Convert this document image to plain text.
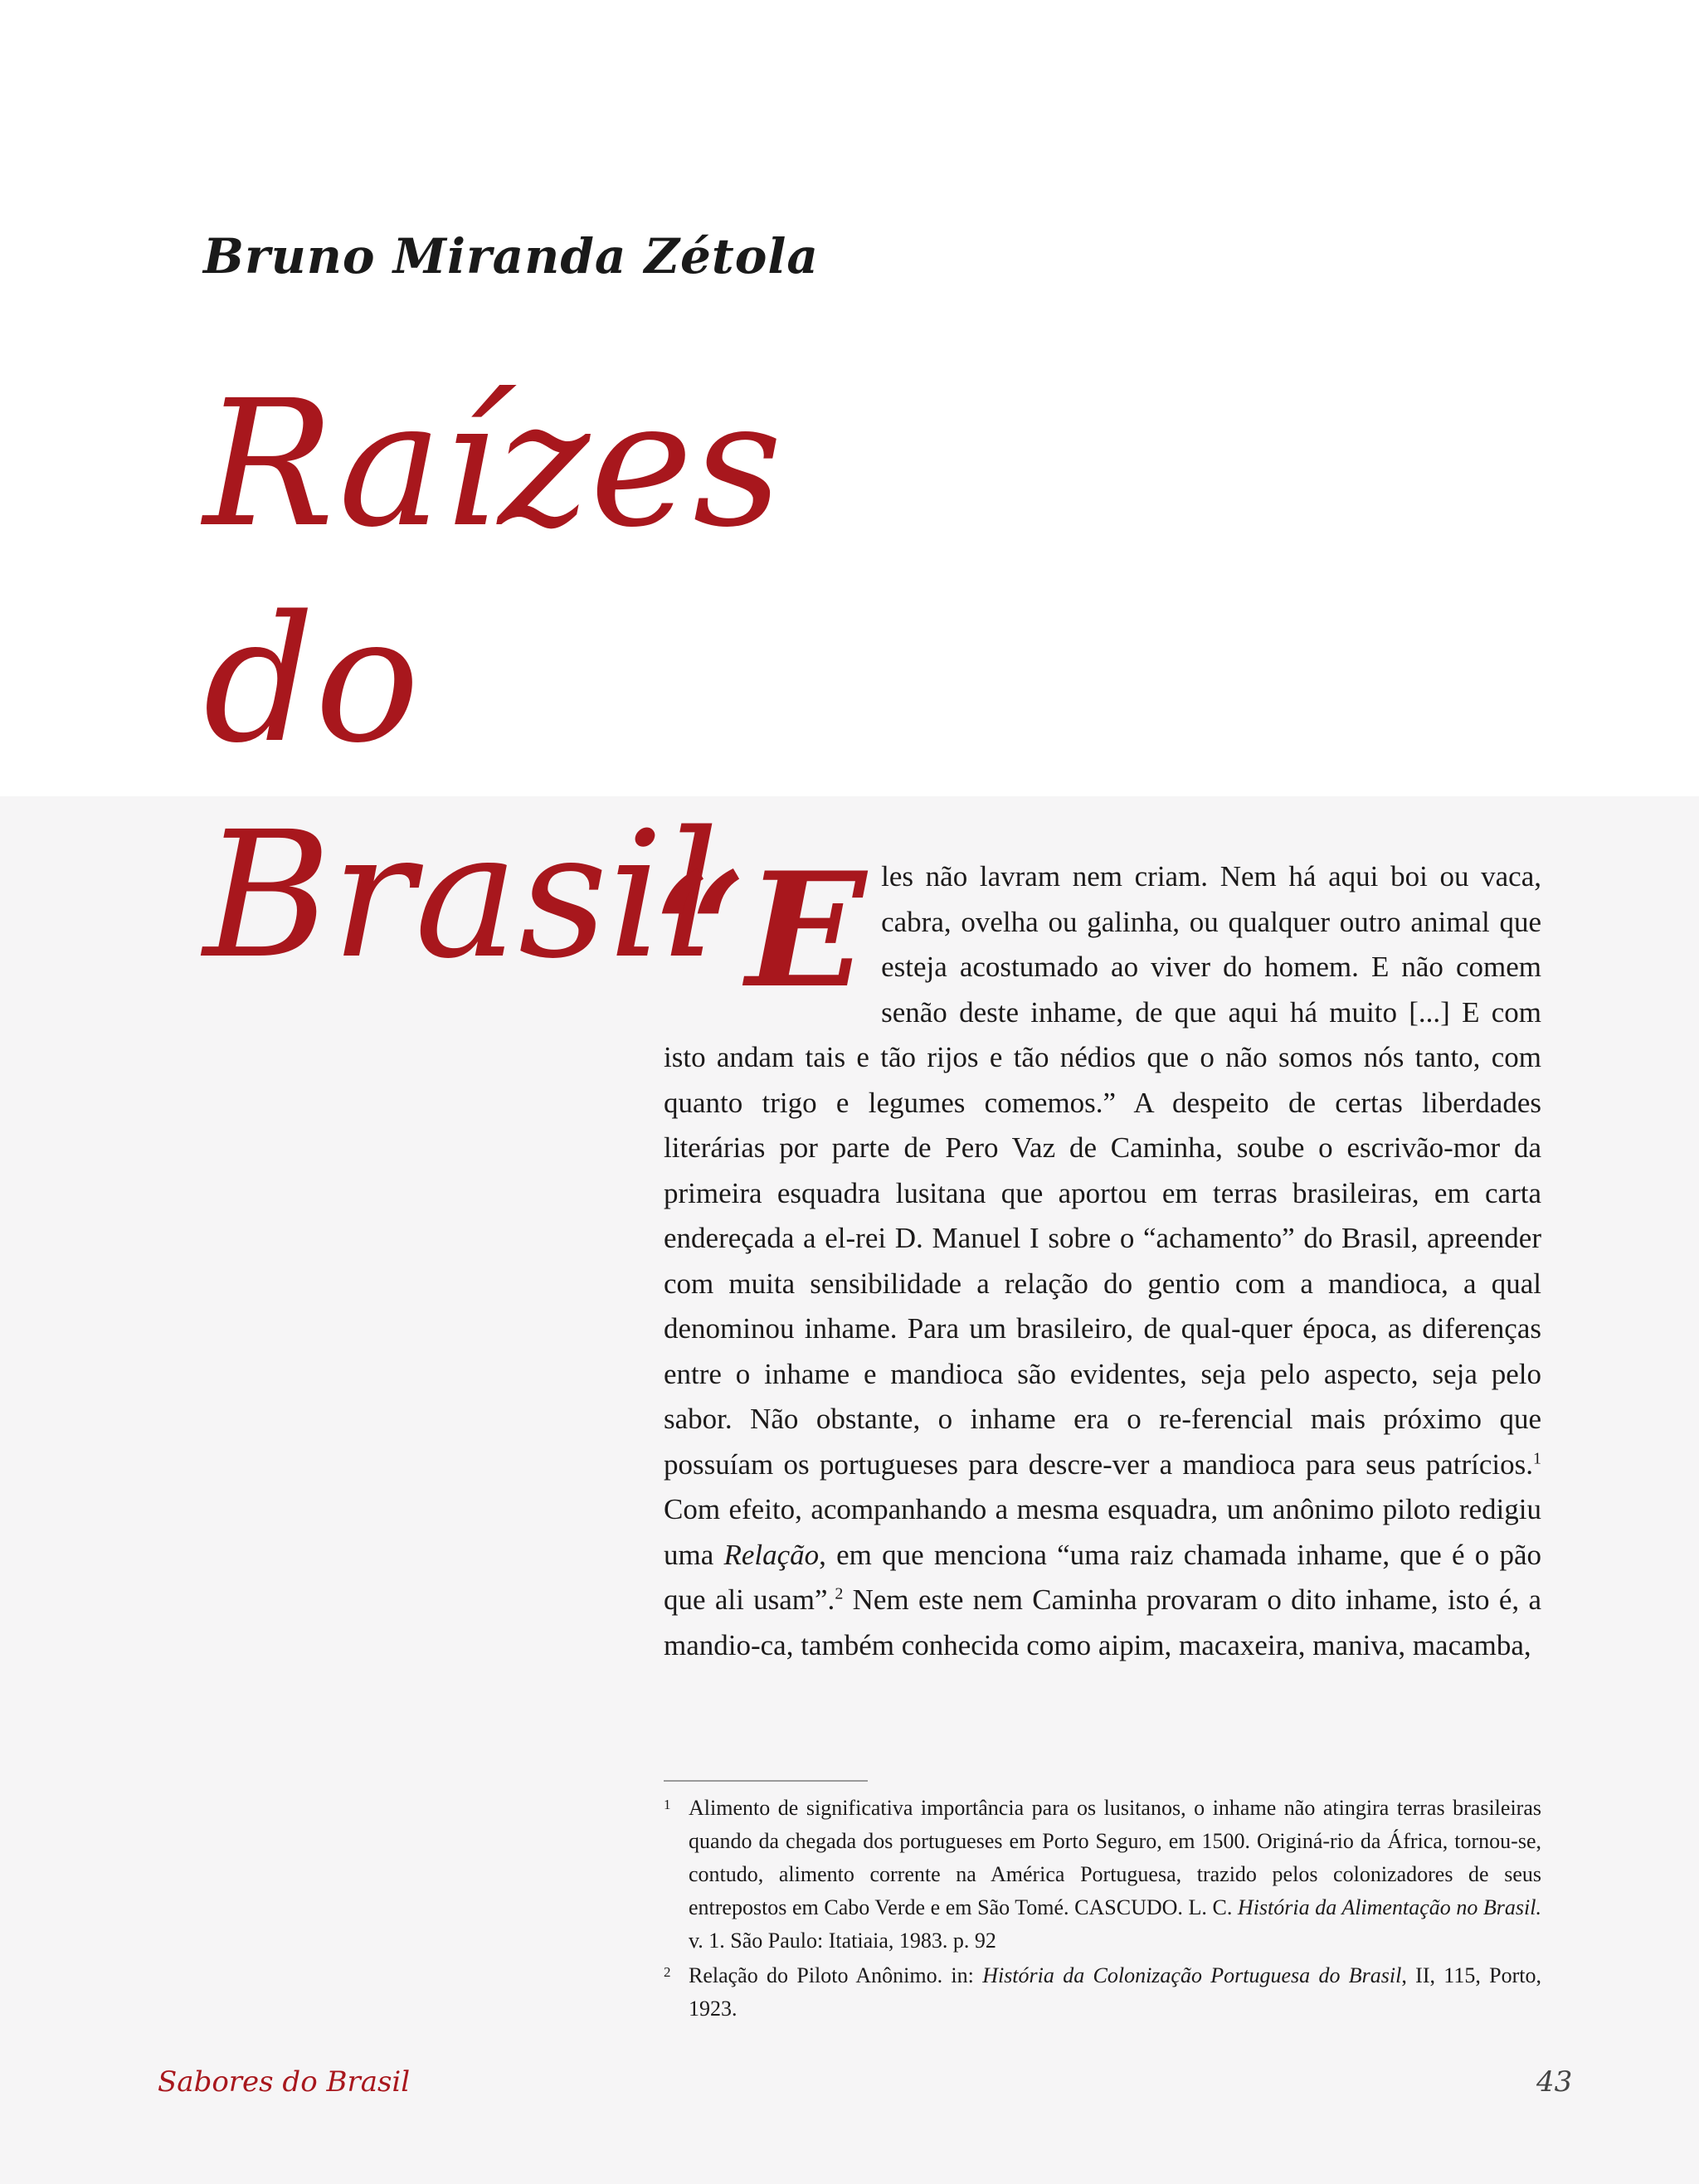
Bruno Miranda Zétola
Raízes do
Brasil
“Eles não lavram nem criam. Nem há aqui boi ou vaca, cabra, ovelha ou galinha, ou qualquer outro animal que esteja acostumado ao viver do homem. E não comem senão deste inhame, de que aqui há muito [...] E com isto andam tais e tão rijos e tão nédios que o não somos nós tanto, com quanto trigo e legumes comemos.” A despeito de certas liberdades literárias por parte de Pero Vaz de Caminha, soube o escrivão-mor da primeira esquadra lusitana que aportou em terras brasileiras, em carta endereçada a el-rei D. Manuel I sobre o “achamento” do Brasil, apreender com muita sensibilidade a relação do gentio com a mandioca, a qual denominou inhame. Para um brasileiro, de qual-quer época, as diferenças entre o inhame e mandioca são evidentes, seja pelo aspecto, seja pelo sabor. Não obstante, o inhame era o re-ferencial mais próximo que possuíam os portugueses para descre-ver a mandioca para seus patrícios.$^1$ Com efeito, acompanhando a mesma esquadra, um anônimo piloto redigiu uma Relação, em que menciona “uma raiz chamada inhame, que é o pão que ali usam”.$^2$ Nem este nem Caminha provaram o dito inhame, isto é, a mandio-ca, também conhecida como aipim, macaxeira, maniva, macamba,
1 Alimento de significativa importância para os lusitanos, o inhame não atingira terras brasileiras quando da chegada dos portugueses em Porto Seguro, em 1500. Originá-rio da África, tornou-se, contudo, alimento corrente na América Portuguesa, trazido pelos colonizadores de seus entrepostos em Cabo Verde e em São Tomé. CASCUDO. L. C. História da Alimentação no Brasil. v. 1. São Paulo: Itatiaia, 1983. p. 92
2 Relação do Piloto Anônimo. in: História da Colonização Portuguesa do Brasil, II, 115, Porto, 1923.
Sabores do Brasil	43
